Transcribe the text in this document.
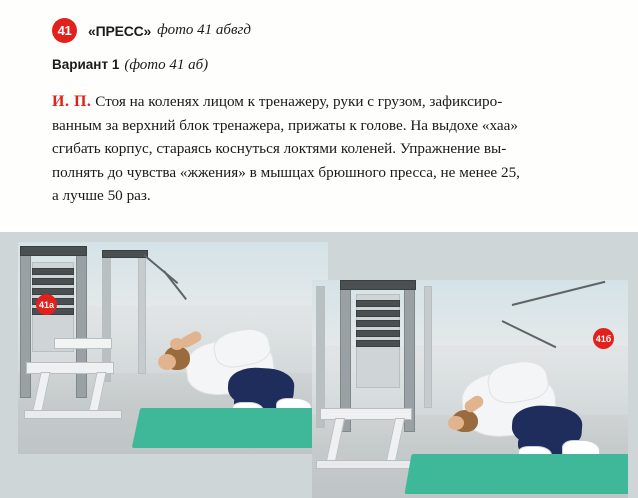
41	«ПРЕСС» фото 41 абвгд
Вариант 1 (фото 41 аб)
И. П. Стоя на коленях лицом к тренажеру, руки с грузом, зафиксиро-
ванным за верхний блок тренажера, прижаты к голове. На выдохе «хаа»
сгибать корпус, стараясь коснуться локтями коленей. Упражнение вы-
полнять до чувства «жжения» в мышцах брюшного пресса, не менее 25,
а лучше 50 раз.
41а
41б
